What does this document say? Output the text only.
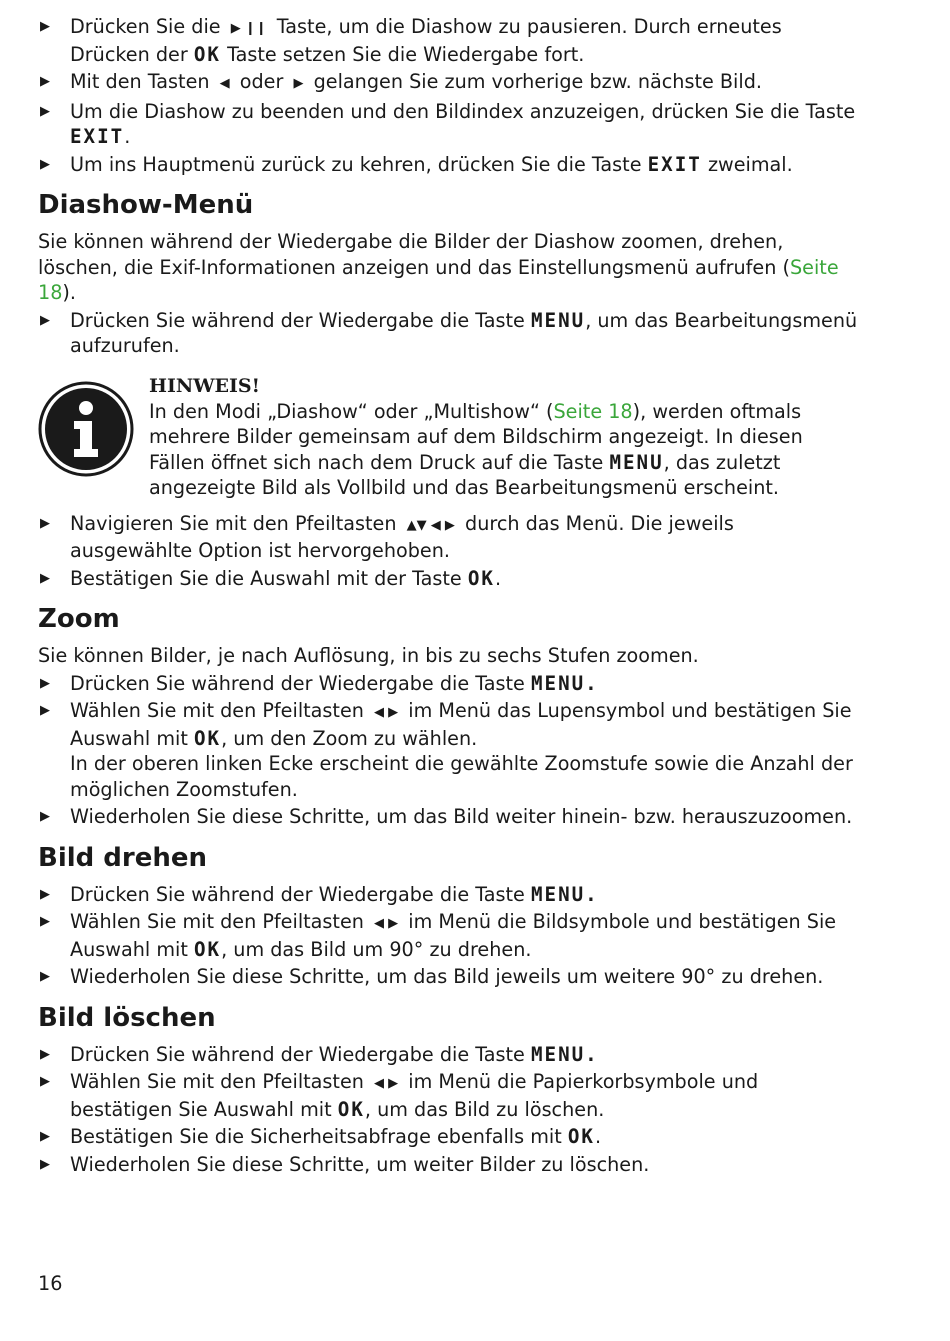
▶ Drücken Sie die ▶ ❙❙ Taste, um die Diashow zu pausieren. Durch erneutes Drücken der OK Taste setzen Sie die Wiedergabe fort.
▶ Mit den Tasten ◀ oder ▶ gelangen Sie zum vorherige bzw. nächste Bild.
▶ Um die Diashow zu beenden und den Bildindex anzuzeigen, drücken Sie die Taste EXIT.
▶ Um ins Hauptmenü zurück zu kehren, drücken Sie die Taste EXIT zweimal.
Diashow-Menü
Sie können während der Wiedergabe die Bilder der Diashow zoomen, drehen, löschen, die Exif-Informationen anzeigen und das Einstellungsmenü aufrufen (Seite 18).
▶ Drücken Sie während der Wiedergabe die Taste MENU, um das Bearbeitungsmenü aufzurufen.
HINWEIS!

In den Modi „Diashow“ oder „Multishow“ (Seite 18), werden oftmals mehrere Bilder gemeinsam auf dem Bildschirm angezeigt. In diesen Fällen öffnet sich nach dem Druck auf die Taste MENU, das zuletzt angezeigte Bild als Vollbild und das Bearbeitungsmenü erscheint.

▶ Navigieren Sie mit den Pfeiltasten ▲▼ ◀ ▶ durch das Menü. Die jeweils ausgewählte Option ist hervorgehoben.
▶ Bestätigen Sie die Auswahl mit der Taste OK.
Zoom
Sie können Bilder, je nach Auflösung, in bis zu sechs Stufen zoomen.
▶ Drücken Sie während der Wiedergabe die Taste MENU.
▶ Wählen Sie mit den Pfeiltasten ◀ ▶ im Menü das Lupensymbol und bestätigen Sie Auswahl mit OK, um den Zoom zu wählen.
In der oberen linken Ecke erscheint die gewählte Zoomstufe sowie die Anzahl der möglichen Zoomstufen.
▶ Wiederholen Sie diese Schritte, um das Bild weiter hinein- bzw. herauszuzoomen.
Bild drehen
▶ Drücken Sie während der Wiedergabe die Taste MENU.
▶ Wählen Sie mit den Pfeiltasten ◀ ▶ im Menü die Bildsymbole und bestätigen Sie Auswahl mit OK, um das Bild um 90° zu drehen.
▶ Wiederholen Sie diese Schritte, um das Bild jeweils um weitere 90° zu drehen.
Bild löschen
▶ Drücken Sie während der Wiedergabe die Taste MENU.
▶ Wählen Sie mit den Pfeiltasten ◀ ▶ im Menü die Papierkorbsymbole und bestätigen Sie Auswahl mit OK, um das Bild zu löschen.
▶ Bestätigen Sie die Sicherheitsabfrage ebenfalls mit OK.
▶ Wiederholen Sie diese Schritte, um weiter Bilder zu löschen.
16
